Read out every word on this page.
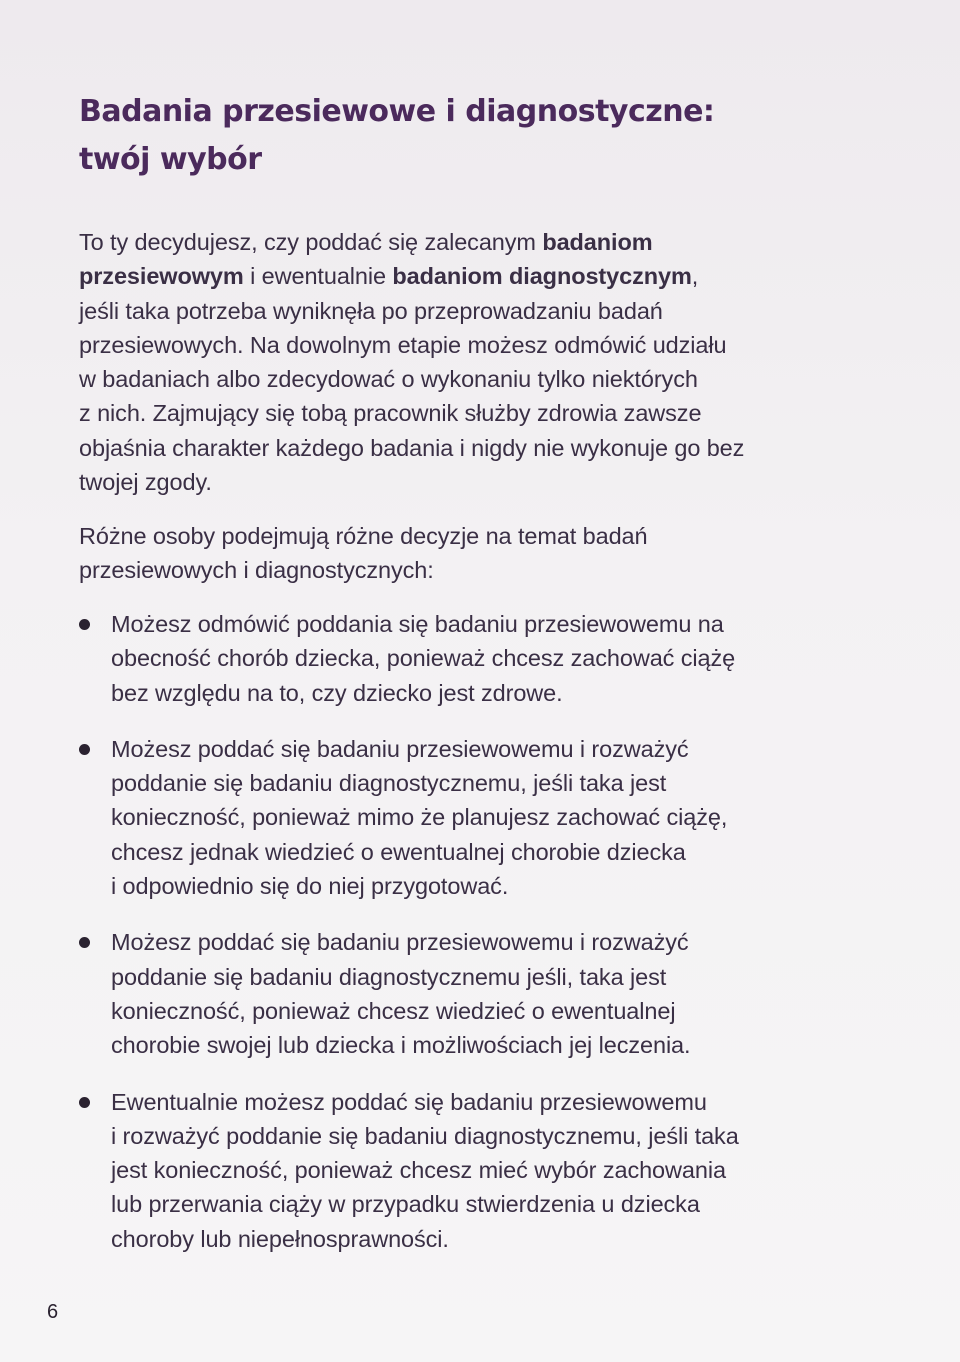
Badania przesiewowe i diagnostyczne:
twój wybór

To ty decydujesz, czy poddać się zalecanym badaniom
przesiewowym i ewentualnie badaniom diagnostycznym,
jeśli taka potrzeba wyniknęła po przeprowadzaniu badań
przesiewowych. Na dowolnym etapie możesz odmówić udziału
w badaniach albo zdecydować o wykonaniu tylko niektórych
z nich. Zajmujący się tobą pracownik służby zdrowia zawsze
objaśnia charakter każdego badania i nigdy nie wykonuje go bez
twojej zgody.

Różne osoby podejmują różne decyzje na temat badań
przesiewowych i diagnostycznych:

Możesz odmówić poddania się badaniu przesiewowemu na
obecność chorób dziecka, ponieważ chcesz zachować ciążę
bez względu na to, czy dziecko jest zdrowe.
Możesz poddać się badaniu przesiewowemu i rozważyć
poddanie się badaniu diagnostycznemu, jeśli taka jest
konieczność, ponieważ mimo że planujesz zachować ciążę,
chcesz jednak wiedzieć o ewentualnej chorobie dziecka
i odpowiednio się do niej przygotować.
Możesz poddać się badaniu przesiewowemu i rozważyć
poddanie się badaniu diagnostycznemu jeśli, taka jest
konieczność, ponieważ chcesz wiedzieć o ewentualnej
chorobie swojej lub dziecka i możliwościach jej leczenia.
Ewentualnie możesz poddać się badaniu przesiewowemu
i rozważyć poddanie się badaniu diagnostycznemu, jeśli taka
jest konieczność, ponieważ chcesz mieć wybór zachowania
lub przerwania ciąży w przypadku stwierdzenia u dziecka
choroby lub niepełnosprawności.
6
